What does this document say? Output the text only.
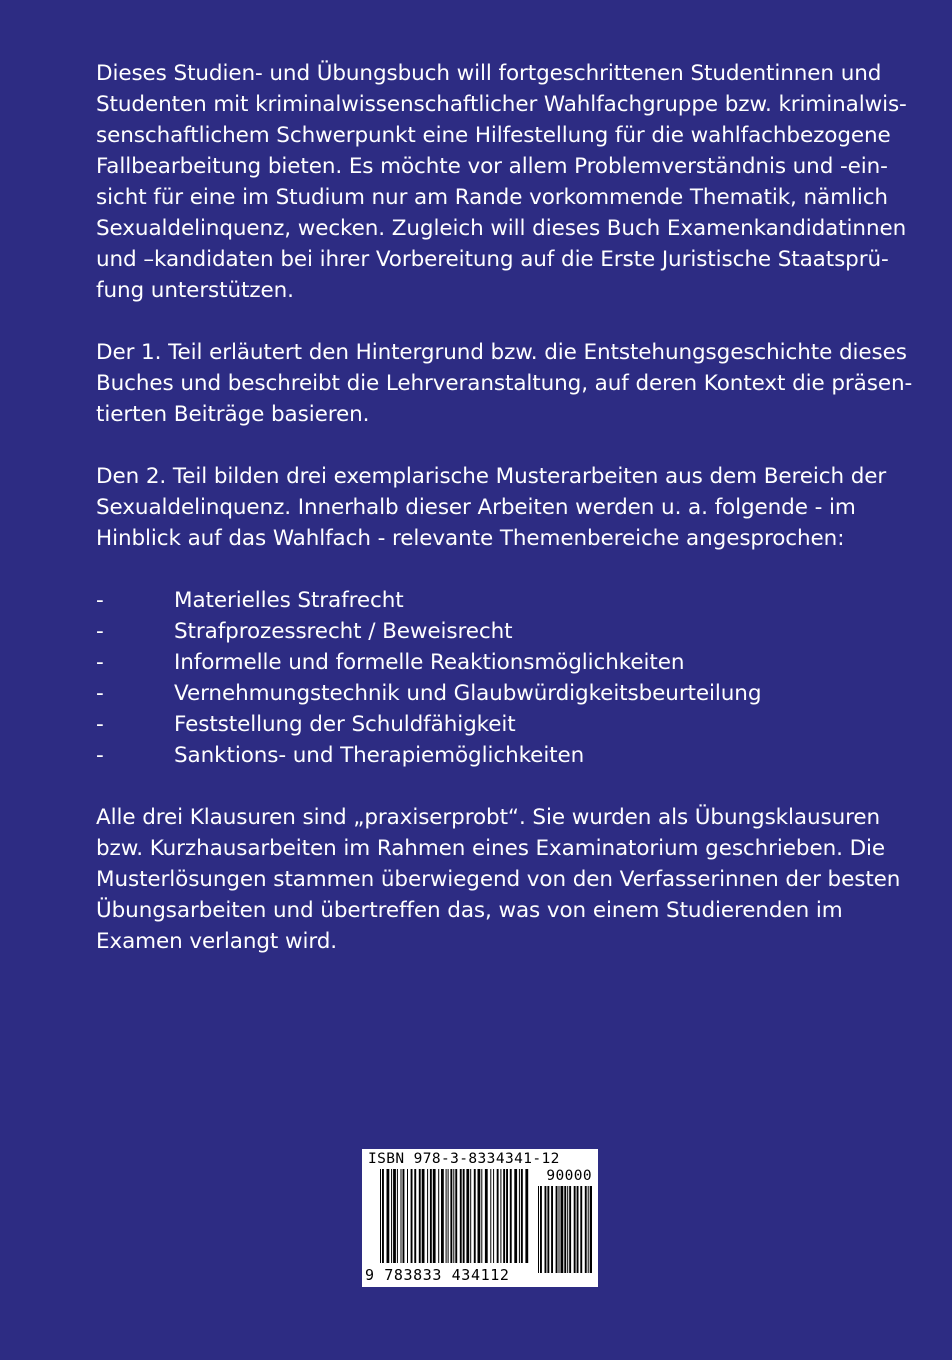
Dieses Studien- und Übungsbuch will fortgeschrittenen Studentinnen und
Studenten mit kriminalwissenschaftlicher Wahlfachgruppe bzw. kriminalwis-
senschaftlichem Schwerpunkt eine Hilfestellung für die wahlfachbezogene
Fallbearbeitung bieten. Es möchte vor allem Problemverständnis und -ein-
sicht für eine im Studium nur am Rande vorkommende Thematik, nämlich
Sexualdelinquenz, wecken. Zugleich will dieses Buch Examenkandidatinnen
und –kandidaten bei ihrer Vorbereitung auf die Erste Juristische Staatsprü-
fung unterstützen.

Der 1. Teil erläutert den Hintergrund bzw. die Entstehungsgeschichte dieses
Buches und beschreibt die Lehrveranstaltung, auf deren Kontext die präsen-
tierten Beiträge basieren.

Den 2. Teil bilden drei exemplarische Musterarbeiten aus dem Bereich der
Sexualdelinquenz. Innerhalb dieser Arbeiten werden u. a. folgende - im
Hinblick auf das Wahlfach - relevante Themenbereiche angesprochen:

-	Materielles Strafrecht
-	Strafprozessrecht / Beweisrecht
-	Informelle und formelle Reaktionsmöglichkeiten
-	Vernehmungstechnik und Glaubwürdigkeitsbeurteilung
-	Feststellung der Schuldfähigkeit
-	Sanktions- und Therapiemöglichkeiten

Alle drei Klausuren sind „praxiserprobt“. Sie wurden als Übungsklausuren
bzw. Kurzhausarbeiten im Rahmen eines Examinatorium geschrieben. Die
Musterlösungen stammen überwiegend von den Verfasserinnen der besten
Übungsarbeiten und übertreffen das, was von einem Studierenden im
Examen verlangt wird.

ISBN 978-3-8334341-12
90000
9 783833 434112
